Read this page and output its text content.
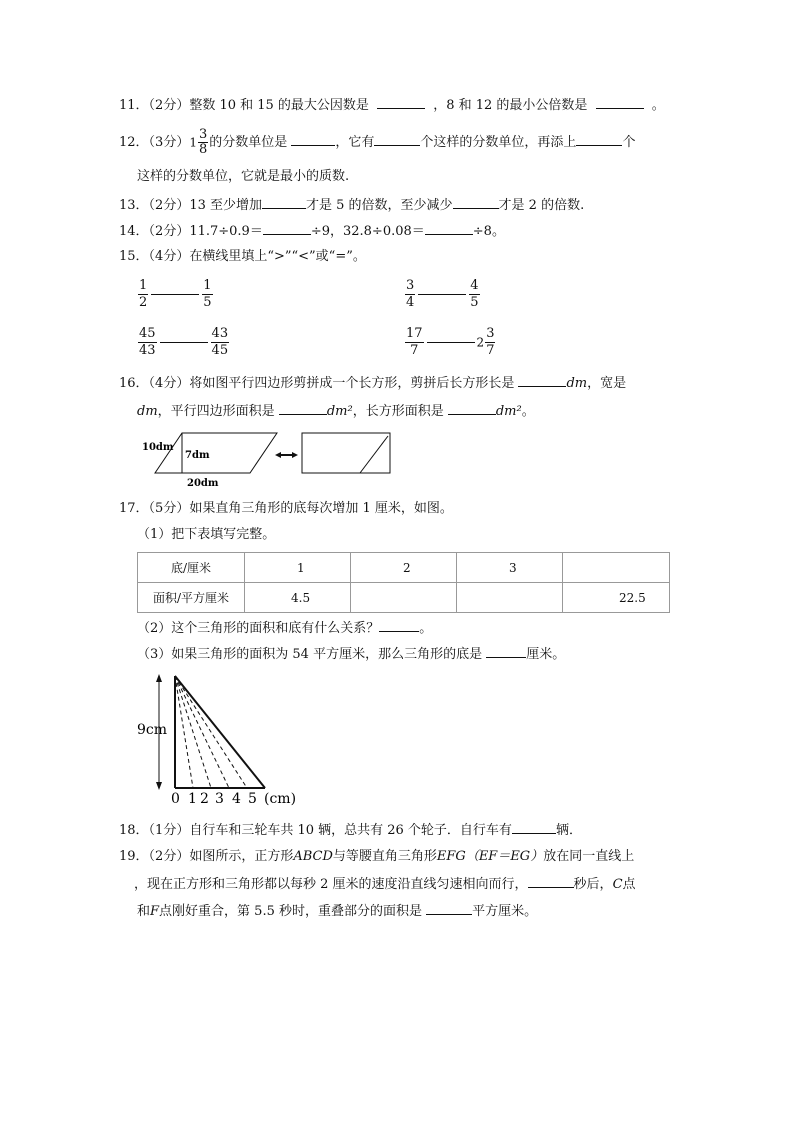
11．（2分）整数 10 和 15 的最大公因数是	，8 和 12 的最小公倍数是	。
12．（3分）$1 \frac{3}{8}$ 的分数单位是	，它有	个这样的分数单位，再添上	个
这样的分数单位，它就是最小的质数.
13．（2分）13 至少增加	才是 5 的倍数，至少减少	才是 2 的倍数.
14．（2分）11.7÷0.9＝	÷9，32.8÷0.08＝	÷8。
15．（4分）在横线里填上“>”“<”或“=”。
$\frac{1}{2}$	$\frac{1}{5}$	$\frac{3}{4}$	$\frac{4}{5}$
$\frac{45}{43}$	$\frac{43}{45}$	$\frac{17}{7}$	$2 \frac{3}{7}$
16．（4分）将如图平行四边形剪拼成一个长方形，剪拼后长方形长是	dm，宽是
dm，平行四边形面积是	dm²，长方形面积是	dm²。
10dm
7dm
20dm
17．（5分）如果直角三角形的底每次增加 1 厘米，如图。
（1）把下表填写完整。
底/厘米	1	2	3	
面积/平方厘米	4.5			22.5
（2）这个三角形的面积和底有什么关系？	。
（3）如果三角形的面积为 54 平方厘米，那么三角形的底是	厘米。
9cm
0 1 2 3 4 5 (cm)
18．（1分）自行车和三轮车共 10 辆，总共有 26 个轮子．自行车有	辆．
19．（2分）如图所示，正方形ABCD与等腰直角三角形EFG（EF＝EG）放在同一直线上
，现在正方形和三角形都以每秒 2 厘米的速度沿直线匀速相向而行，	秒后，C点
和F点刚好重合，第 5.5 秒时，重叠部分的面积是	平方厘米。
